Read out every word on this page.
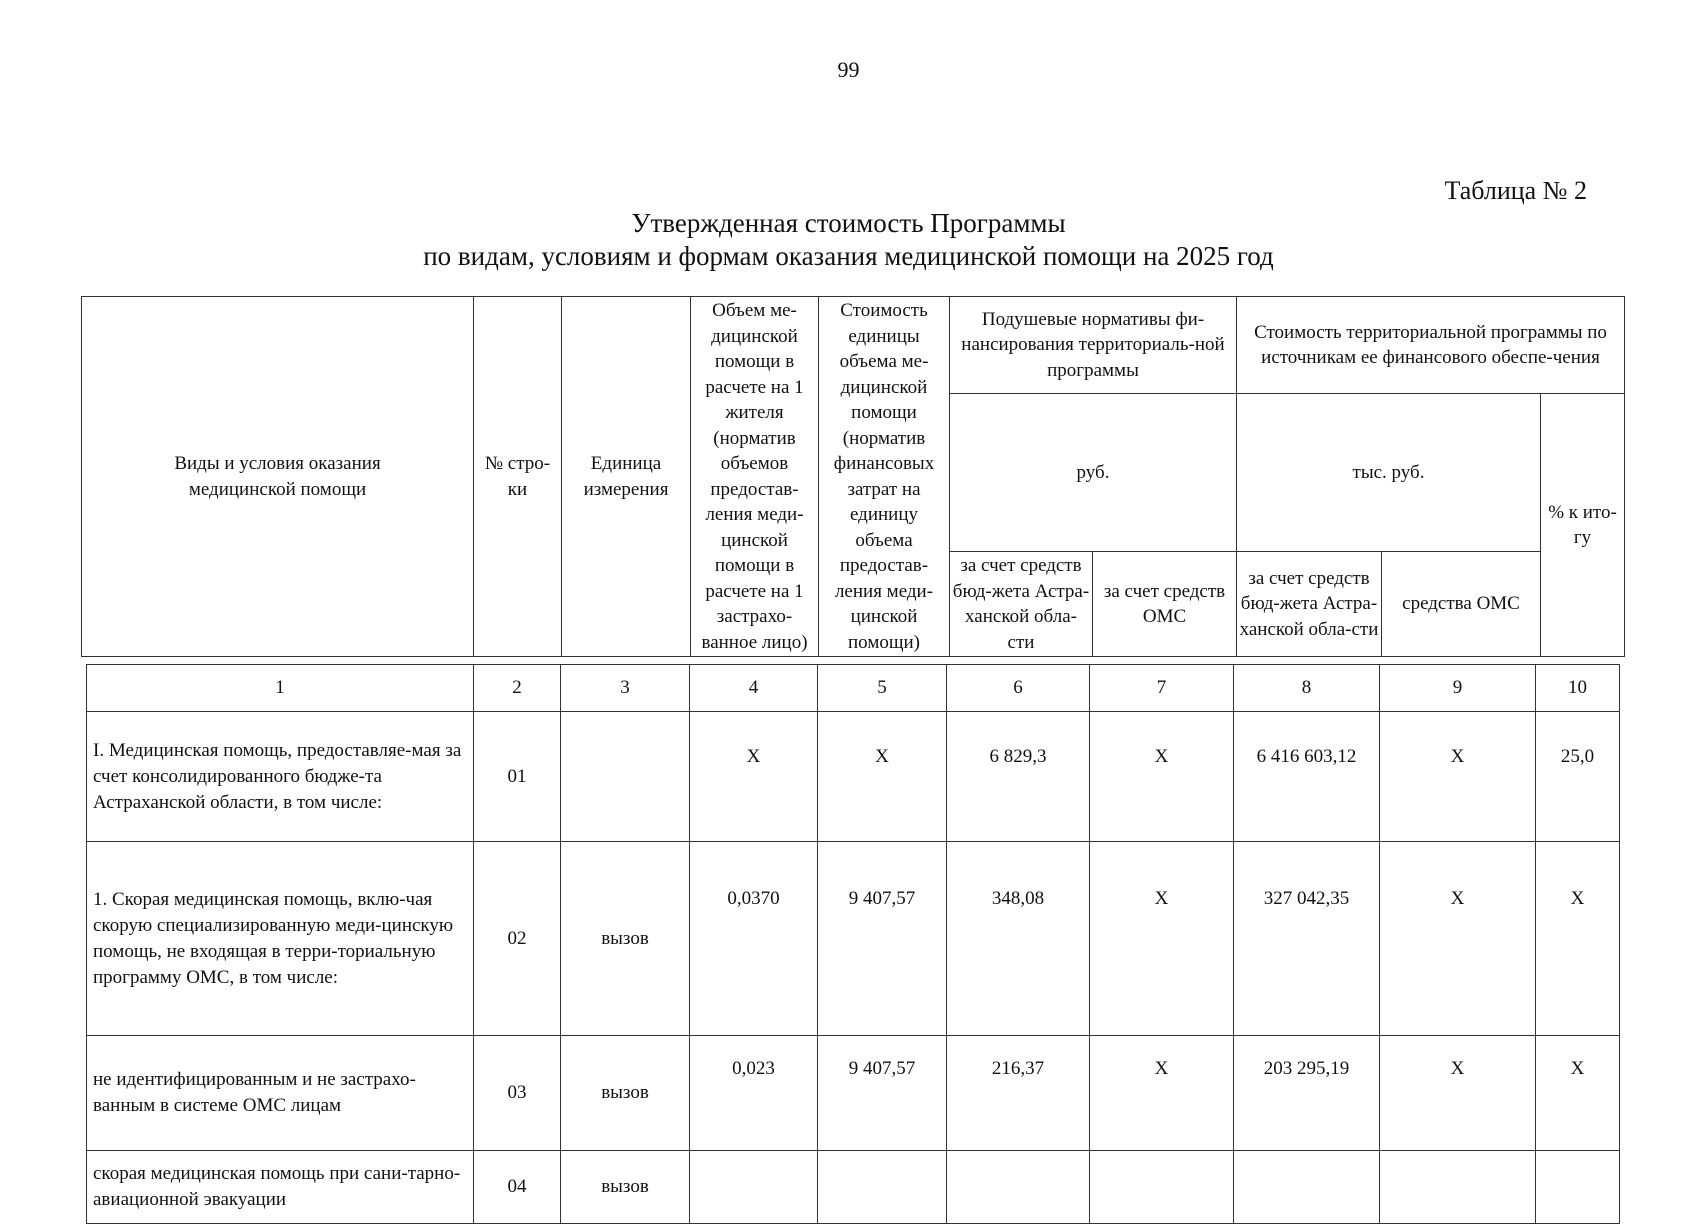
99
Таблица № 2
Утвержденная стоимость Программы
по видам, условиям и формам оказания медицинской помощи на 2025 год
Виды и условия оказания медицинской помощи	№ стро-ки	Единица измерения	Объем ме-дицинской помощи в расчете на 1 жителя (норматив объемов предостав-ления меди-цинской помощи в расчете на 1 застрахо-ванное лицо)	Стоимость единицы объема ме-дицинской помощи (норматив финансовых затрат на единицу объема предостав-ления меди-цинской помощи)	Подушевые нормативы фи-нансирования территориаль-ной программы		Стоимость территориальной программы по источникам ее финансового обеспе-чения		
					руб.		тыс. руб.		% к ито-гу
					за счет средств бюд-жета Астра-ханской обла-сти	за счет средств ОМС	за счет средств бюд-жета Астра-ханской обла-сти	средства ОМС	
1	2	3	4	5	6	7	8	9	10
I. Медицинская помощь, предоставляе-мая за счет консолидированного бюдже-та Астраханской области, в том числе:	01		X	X	6 829,3	X	6 416 603,12	X	25,0
1. Скорая медицинская помощь, вклю-чая скорую специализированную меди-цинскую помощь, не входящая в терри-ториальную программу ОМС, в том числе:	02	вызов	0,0370	9 407,57	348,08	X	327 042,35	X	X
не идентифицированным и не застрахо-ванным в системе ОМС лицам	03	вызов	0,023	9 407,57	216,37	X	203 295,19	X	X
скорая медицинская помощь при сани-тарно-авиационной эвакуации	04	вызов							
